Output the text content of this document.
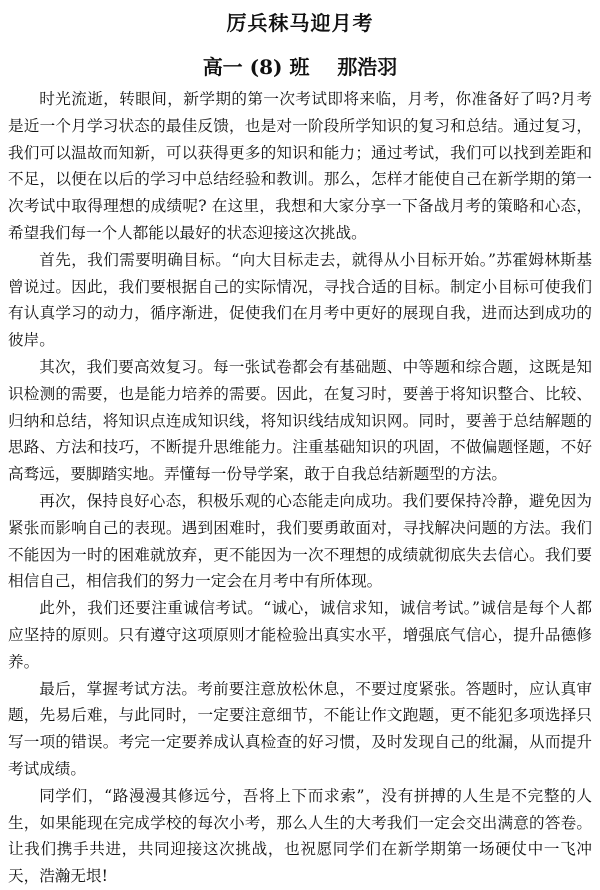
厉兵秣马迎月考
高一 (8) 班    那浩羽

时光流逝，转眼间，新学期的第一次考试即将来临，月考，你准备好了吗?月考是近一个月学习状态的最佳反馈，也是对一阶段所学知识的复习和总结。通过复习，我们可以温故而知新，可以获得更多的知识和能力；通过考试，我们可以找到差距和不足，以便在以后的学习中总结经验和教训。那么，怎样才能使自己在新学期的第一次考试中取得理想的成绩呢? 在这里，我想和大家分享一下备战月考的策略和心态，希望我们每一个人都能以最好的状态迎接这次挑战。

首先，我们需要明确目标。“向大目标走去，就得从小目标开始。”苏霍姆林斯基曾说过。因此，我们要根据自己的实际情况，寻找合适的目标。制定小目标可使我们有认真学习的动力，循序渐进，促使我们在月考中更好的展现自我，进而达到成功的彼岸。

其次，我们要高效复习。每一张试卷都会有基础题、中等题和综合题，这既是知识检测的需要，也是能力培养的需要。因此，在复习时，要善于将知识整合、比较、归纳和总结，将知识点连成知识线，将知识线结成知识网。同时，要善于总结解题的思路、方法和技巧，不断提升思维能力。注重基础知识的巩固，不做偏题怪题，不好高骛远，要脚踏实地。弄懂每一份导学案，敢于自我总结新题型的方法。

再次，保持良好心态，积极乐观的心态能走向成功。我们要保持冷静，避免因为紧张而影响自己的表现。遇到困难时，我们要勇敢面对，寻找解决问题的方法。我们不能因为一时的困难就放弃，更不能因为一次不理想的成绩就彻底失去信心。我们要相信自己，相信我们的努力一定会在月考中有所体现。

此外，我们还要注重诚信考试。“诚心，诚信求知，诚信考试。”诚信是每个人都应坚持的原则。只有遵守这项原则才能检验出真实水平，增强底气信心，提升品德修养。

最后，掌握考试方法。考前要注意放松休息，不要过度紧张。答题时，应认真审题，先易后难，与此同时，一定要注意细节，不能让作文跑题，更不能犯多项选择只写一项的错误。考完一定要养成认真检查的好习惯，及时发现自己的纰漏，从而提升考试成绩。

同学们，“路漫漫其修远兮，吾将上下而求索”，没有拼搏的人生是不完整的人生，如果能现在完成学校的每次小考，那么人生的大考我们一定会交出满意的答卷。让我们携手共进，共同迎接这次挑战，也祝愿同学们在新学期第一场硬仗中一飞冲天，浩瀚无垠!
